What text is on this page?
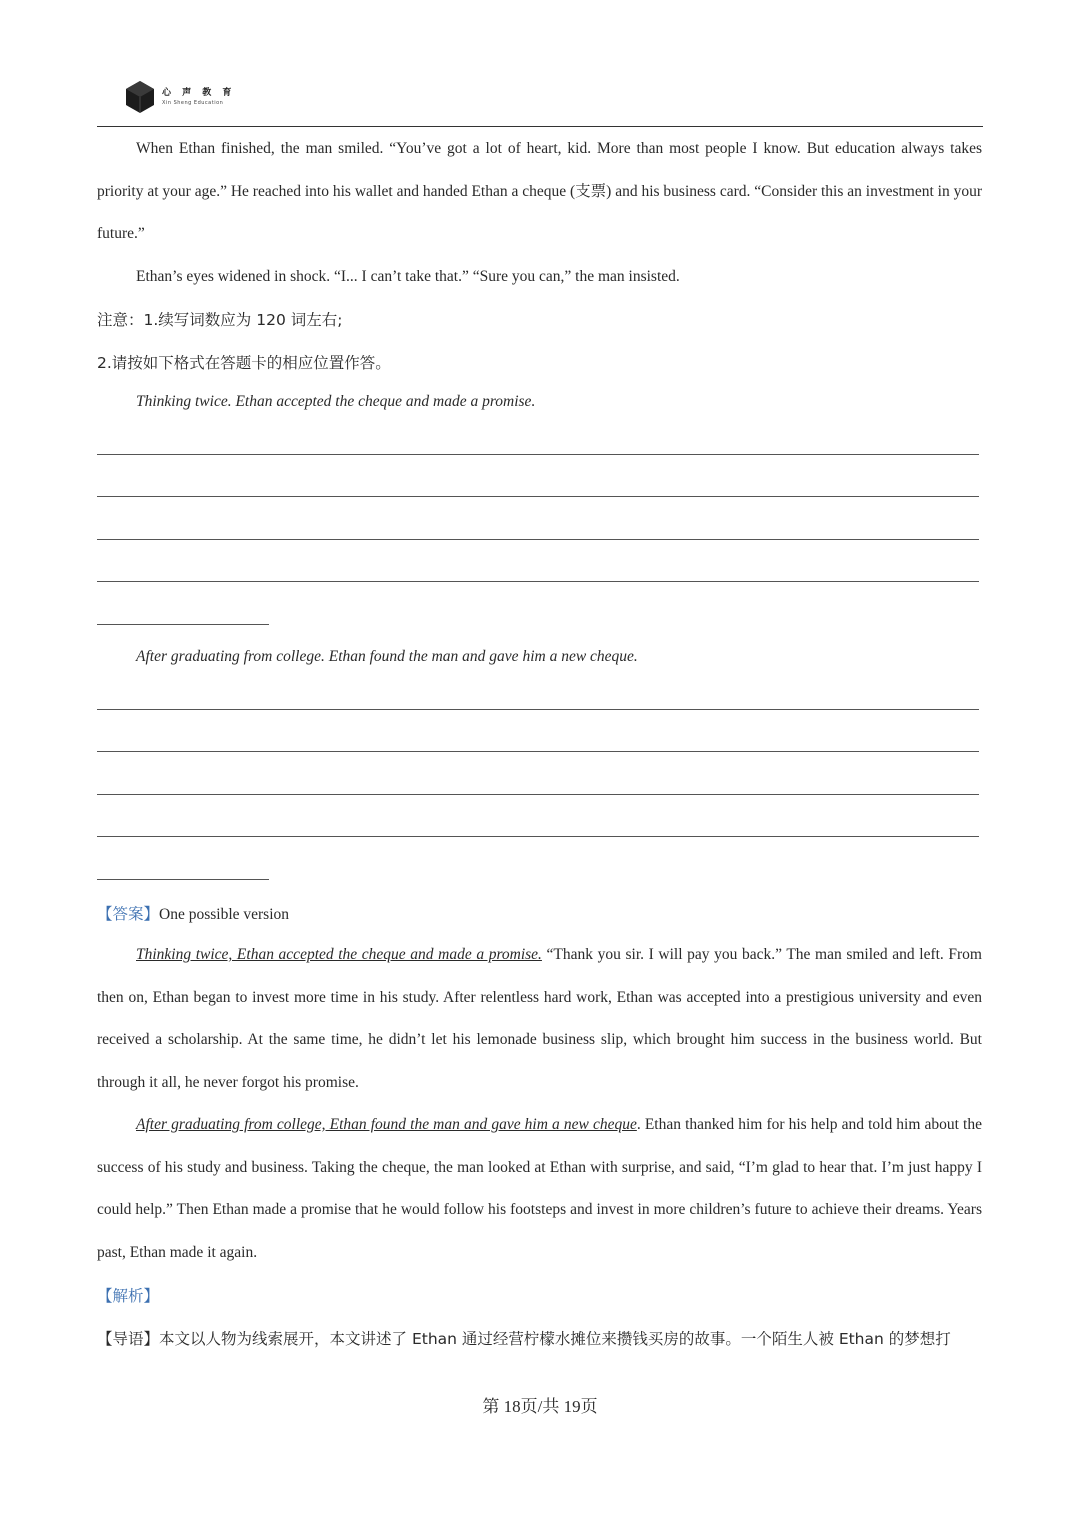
心 声 教 育
Xin Sheng Education

When Ethan finished, the man smiled. “You’ve got a lot of heart, kid. More than most people I know. But education always takes priority at your age.” He reached into his wallet and handed Ethan a cheque (支票) and his business card. “Consider this an investment in your future.”

Ethan’s eyes widened in shock. “I... I can’t take that.” “Sure you can,” the man insisted.

注意：1.续写词数应为 120 词左右;
2.请按如下格式在答题卡的相应位置作答。
Thinking twice. Ethan accepted the cheque and made a promise.
After graduating from college. Ethan found the man and gave him a new cheque.
【答案】One possible version

Thinking twice, Ethan accepted the cheque and made a promise. “Thank you sir. I will pay you back.” The man smiled and left. From then on, Ethan began to invest more time in his study. After relentless hard work, Ethan was accepted into a prestigious university and even received a scholarship. At the same time, he didn’t let his lemonade business slip, which brought him success in the business world. But through it all, he never forgot his promise.

After graduating from college, Ethan found the man and gave him a new cheque. Ethan thanked him for his help and told him about the success of his study and business. Taking the cheque, the man looked at Ethan with surprise, and said, “I’m glad to hear that. I’m just happy I could help.” Then Ethan made a promise that he would follow his footsteps and invest in more children’s future to achieve their dreams. Years past, Ethan made it again.

【解析】
【导语】本文以人物为线索展开，本文讲述了 Ethan 通过经营柠檬水摊位来攒钱买房的故事。一个陌生人被 Ethan 的梦想打
第 18页/共 19页
